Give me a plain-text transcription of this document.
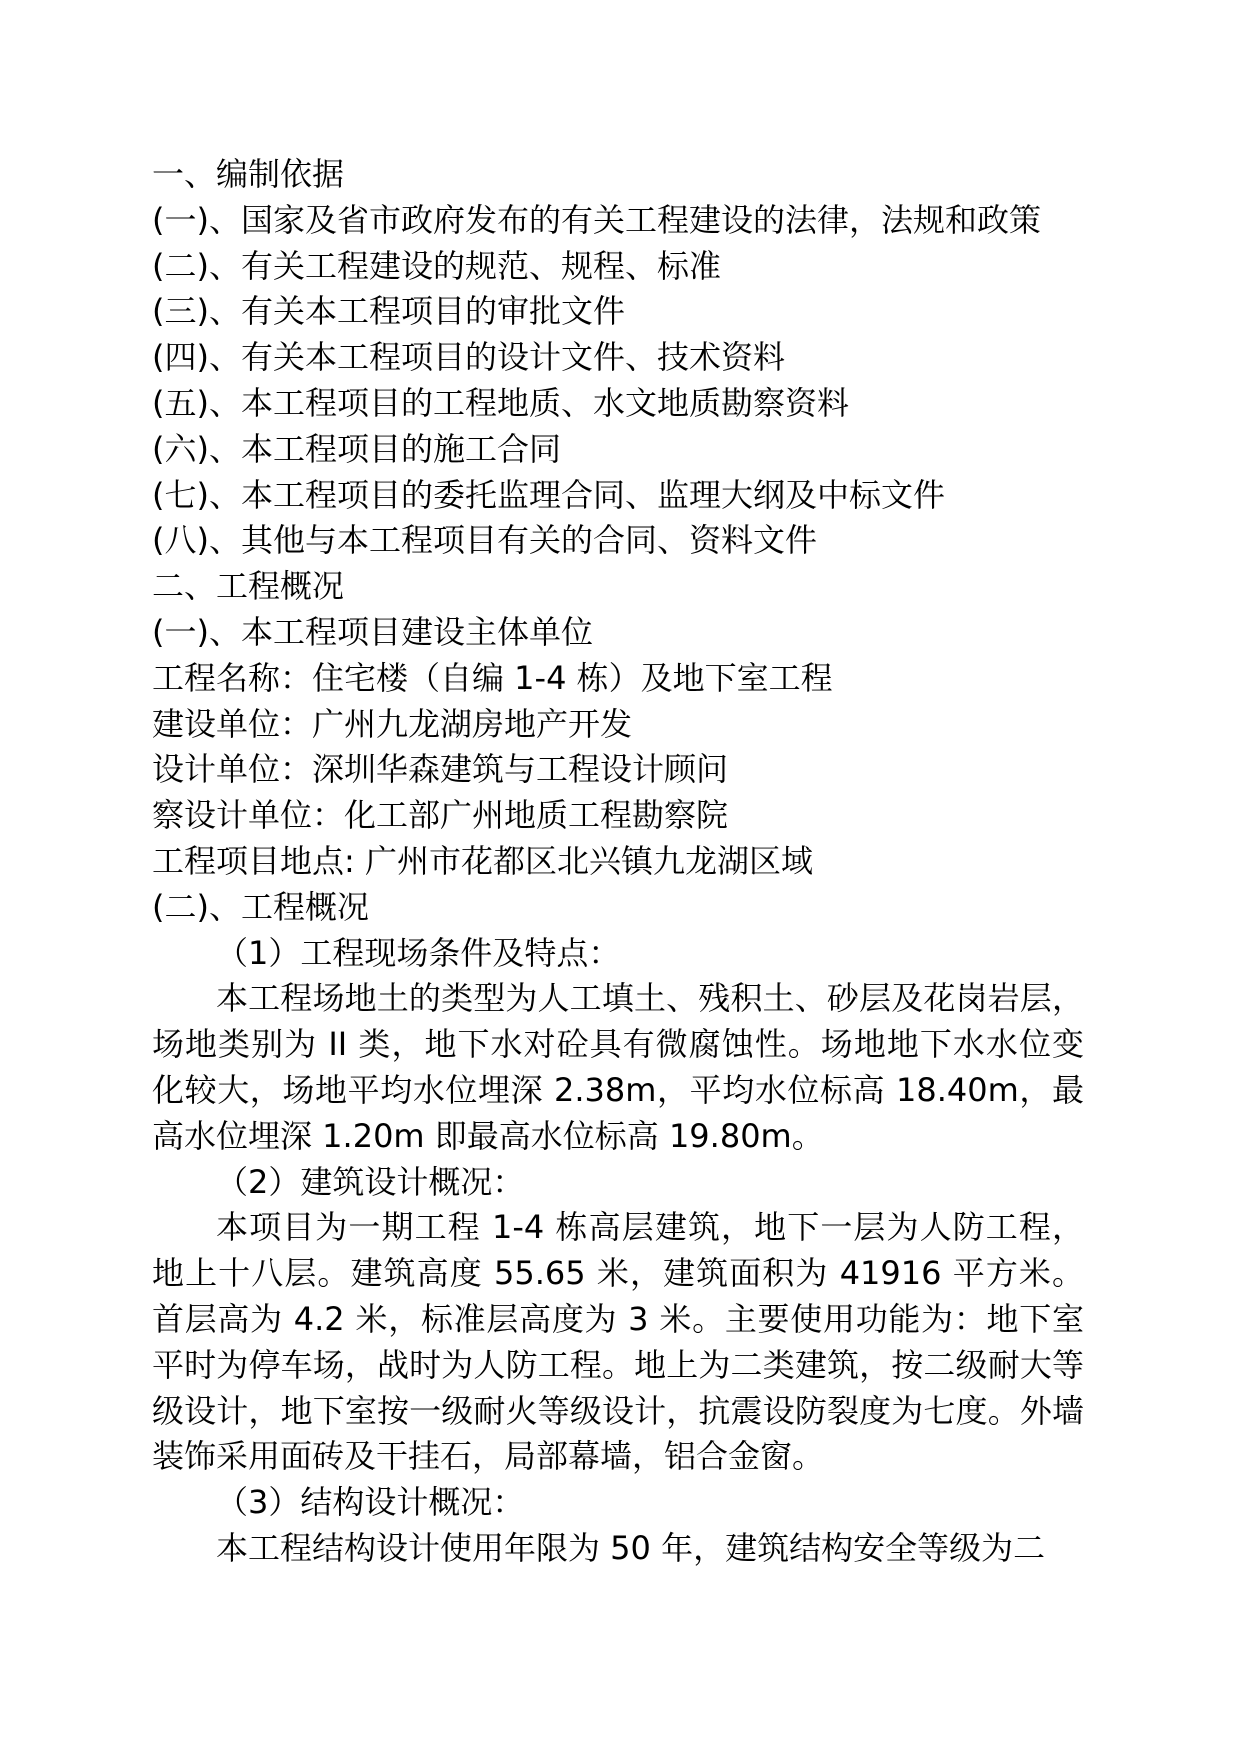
一、编制依据

(一)、国家及省市政府发布的有关工程建设的法律，法规和政策

(二)、有关工程建设的规范、规程、标准

(三)、有关本工程项目的审批文件

(四)、有关本工程项目的设计文件、技术资料

(五)、本工程项目的工程地质、水文地质勘察资料

(六)、本工程项目的施工合同

(七)、本工程项目的委托监理合同、监理大纲及中标文件

(八)、其他与本工程项目有关的合同、资料文件

二、工程概况

(一)、本工程项目建设主体单位

工程名称：住宅楼（自编 1-4 栋）及地下室工程

建设单位：广州九龙湖房地产开发

设计单位：深圳华森建筑与工程设计顾问

察设计单位：化工部广州地质工程勘察院

工程项目地点: 广州市花都区北兴镇九龙湖区域

(二)、工程概况

（1）工程现场条件及特点：

本工程场地土的类型为人工填土、残积土、砂层及花岗岩层，场地类别为 II 类，地下水对砼具有微腐蚀性。场地地下水水位变化较大，场地平均水位埋深 2.38m，平均水位标高 18.40m，最高水位埋深 1.20m 即最高水位标高 19.80m。

（2）建筑设计概况：

本项目为一期工程 1-4 栋高层建筑，地下一层为人防工程，地上十八层。建筑高度 55.65 米，建筑面积为 41916 平方米。首层高为 4.2 米，标准层高度为 3 米。主要使用功能为：地下室平时为停车场，战时为人防工程。地上为二类建筑，按二级耐大等级设计，地下室按一级耐火等级设计，抗震设防裂度为七度。外墙装饰采用面砖及干挂石，局部幕墙，铝合金窗。

（3）结构设计概况：

本工程结构设计使用年限为 50 年，建筑结构安全等级为二
